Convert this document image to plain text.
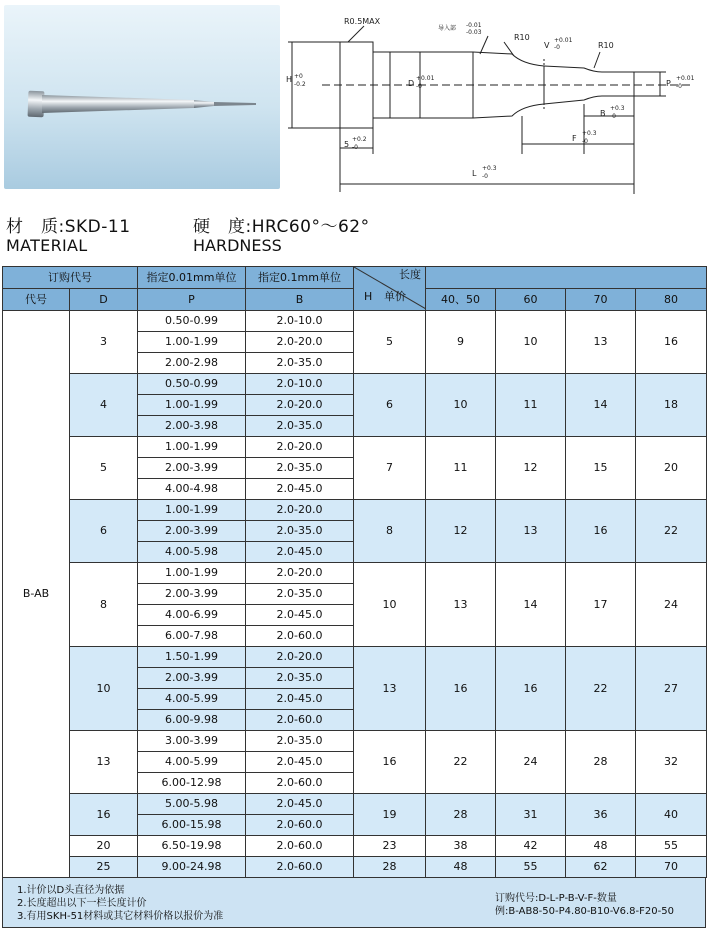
R0.5MAX
导入部 -0.01
-0.03
R10
R10
V
+0.01
-0
H +0
-0.2	D
+0.01
-0	P
+0.01
-0
B
+0.3
-0
F
+0.3
-0
5
+0.2
-0
L
+0.3
-0
材　质:SKD-11
MATERIAL
硬　度:HRC60°～62°
HARDNESS
订购代号		指定0.01mm单位	指定0.1mm单位	长度
H 单价				

代号	D	P	B		40、50	60	70	80
B-AB	3	0.50-0.99	2.0-10.0	5	9	10	13	16
		1.00-1.99	2.0-20.0					
		2.00-2.98	2.0-35.0					
	4	0.50-0.99	2.0-10.0	6	10	11	14	18
		1.00-1.99	2.0-20.0					
		2.00-3.98	2.0-35.0					
	5	1.00-1.99	2.0-20.0	7	11	12	15	20
		2.00-3.99	2.0-35.0					
		4.00-4.98	2.0-45.0					
	6	1.00-1.99	2.0-20.0	8	12	13	16	22
		2.00-3.99	2.0-35.0					
		4.00-5.98	2.0-45.0					
	8	1.00-1.99	2.0-20.0	10	13	14	17	24
		2.00-3.99	2.0-35.0					
		4.00-6.99	2.0-45.0					
		6.00-7.98	2.0-60.0					
	10	1.50-1.99	2.0-20.0	13	16	16	22	27
		2.00-3.99	2.0-35.0					
		4.00-5.99	2.0-45.0					
		6.00-9.98	2.0-60.0					
	13	3.00-3.99	2.0-35.0	16	22	24	28	32
		4.00-5.99	2.0-45.0					
		6.00-12.98	2.0-60.0					
	16	5.00-5.98	2.0-45.0	19	28	31	36	40
		6.00-15.98	2.0-60.0					
	20	6.50-19.98	2.0-60.0	23	38	42	48	55
	25	9.00-24.98	2.0-60.0	28	48	55	62	70
1.计价以D头直径为依据
2.长度超出以下一栏长度计价
3.有用SKH-51材料或其它材料价格以报价为准
订购代号:D-L-P-B-V-F-数量
例:B-AB8-50-P4.80-B10-V6.8-F20-50
